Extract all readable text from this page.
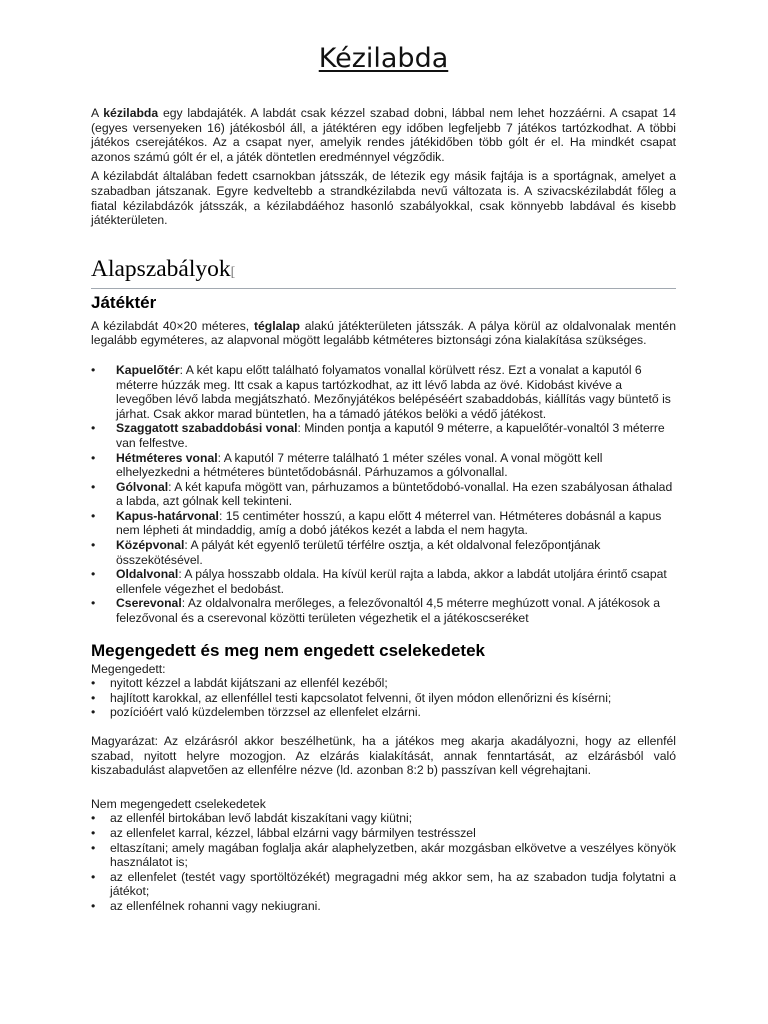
Kézilabda

A kézilabda egy labdajáték. A labdát csak kézzel szabad dobni, lábbal nem lehet hozzáérni. A csapat 14 (egyes versenyeken 16) játékosból áll, a játéktéren egy időben legfeljebb 7 játékos tartózkodhat. A többi játékos cserejátékos. Az a csapat nyer, amelyik rendes játékidőben több gólt ér el. Ha mindkét csapat azonos számú gólt ér el, a játék döntetlen eredménnyel végződik.

A kézilabdát általában fedett csarnokban játsszák, de létezik egy másik fajtája is a sportágnak, amelyet a szabadban játszanak. Egyre kedveltebb a strandkézilabda nevű változata is. A szivacskézilabdát főleg a fiatal kézilabdázók játsszák, a kézilabdáéhoz hasonló szabályokkal, csak könnyebb labdával és kisebb játékterületen.

Alapszabályok[
Játéktér

A kézilabdát 40×20 méteres, téglalap alakú játékterületen játsszák. A pálya körül az oldalvonalak mentén legalább egyméteres, az alapvonal mögött legalább kétméteres biztonsági zóna kialakítása szükséges.

• Kapuelőtér: A két kapu előtt található folyamatos vonallal körülvett rész. Ezt a vonalat a kaputól 6 méterre húzzák meg. Itt csak a kapus tartózkodhat, az itt lévő labda az övé. Kidobást kivéve a levegőben lévő labda megjátszható. Mezőnyjátékos belépéséért szabaddobás, kiállítás vagy büntető is járhat. Csak akkor marad büntetlen, ha a támadó játékos belöki a védő játékost.
• Szaggatott szabaddobási vonal: Minden pontja a kaputól 9 méterre, a kapuelőtér-vonaltól 3 méterre van felfestve.
• Hétméteres vonal: A kaputól 7 méterre található 1 méter széles vonal. A vonal mögött kell elhelyezkedni a hétméteres büntetődobásnál. Párhuzamos a gólvonallal.
• Gólvonal: A két kapufa mögött van, párhuzamos a büntetődobó-vonallal. Ha ezen szabályosan áthalad a labda, azt gólnak kell tekinteni.
• Kapus-határvonal: 15 centiméter hosszú, a kapu előtt 4 méterrel van. Hétméteres dobásnál a kapus nem lépheti át mindaddig, amíg a dobó játékos kezét a labda el nem hagyta.
• Középvonal: A pályát két egyenlő területű térfélre osztja, a két oldalvonal felezőpontjának összekötésével.
• Oldalvonal: A pálya hosszabb oldala. Ha kívül kerül rajta a labda, akkor a labdát utoljára érintő csapat ellenfele végezhet el bedobást.
• Cserevonal: Az oldalvonalra merőleges, a felezővonaltól 4,5 méterre meghúzott vonal. A játékosok a felezővonal és a cserevonal közötti területen végezhetik el a játékoscseréket
Megengedett és meg nem engedett cselekedetek
Megengedett:
• nyitott kézzel a labdát kijátszani az ellenfél kezéből;
• hajlított karokkal, az ellenféllel testi kapcsolatot felvenni, őt ilyen módon ellenőrizni és kísérni;
• pozícióért való küzdelemben törzzsel az ellenfelet elzárni.

Magyarázat: Az elzárásról akkor beszélhetünk, ha a játékos meg akarja akadályozni, hogy az ellenfél szabad, nyitott helyre mozogjon. Az elzárás kialakítását, annak fenntartását, az elzárásból való kiszabadulást alapvetően az ellenfélre nézve (ld. azonban 8:2 b) passzívan kell végrehajtani.

Nem megengedett cselekedetek
• az ellenfél birtokában levő labdát kiszakítani vagy kiütni;
• az ellenfelet karral, kézzel, lábbal elzárni vagy bármilyen testrésszel
• eltaszítani; amely magában foglalja akár alaphelyzetben, akár mozgásban elkövetve a veszélyes könyök használatot is;
• az ellenfelet (testét vagy sportöltözékét) megragadni még akkor sem, ha az szabadon tudja folytatni a játékot;
• az ellenfélnek rohanni vagy nekiugrani.
